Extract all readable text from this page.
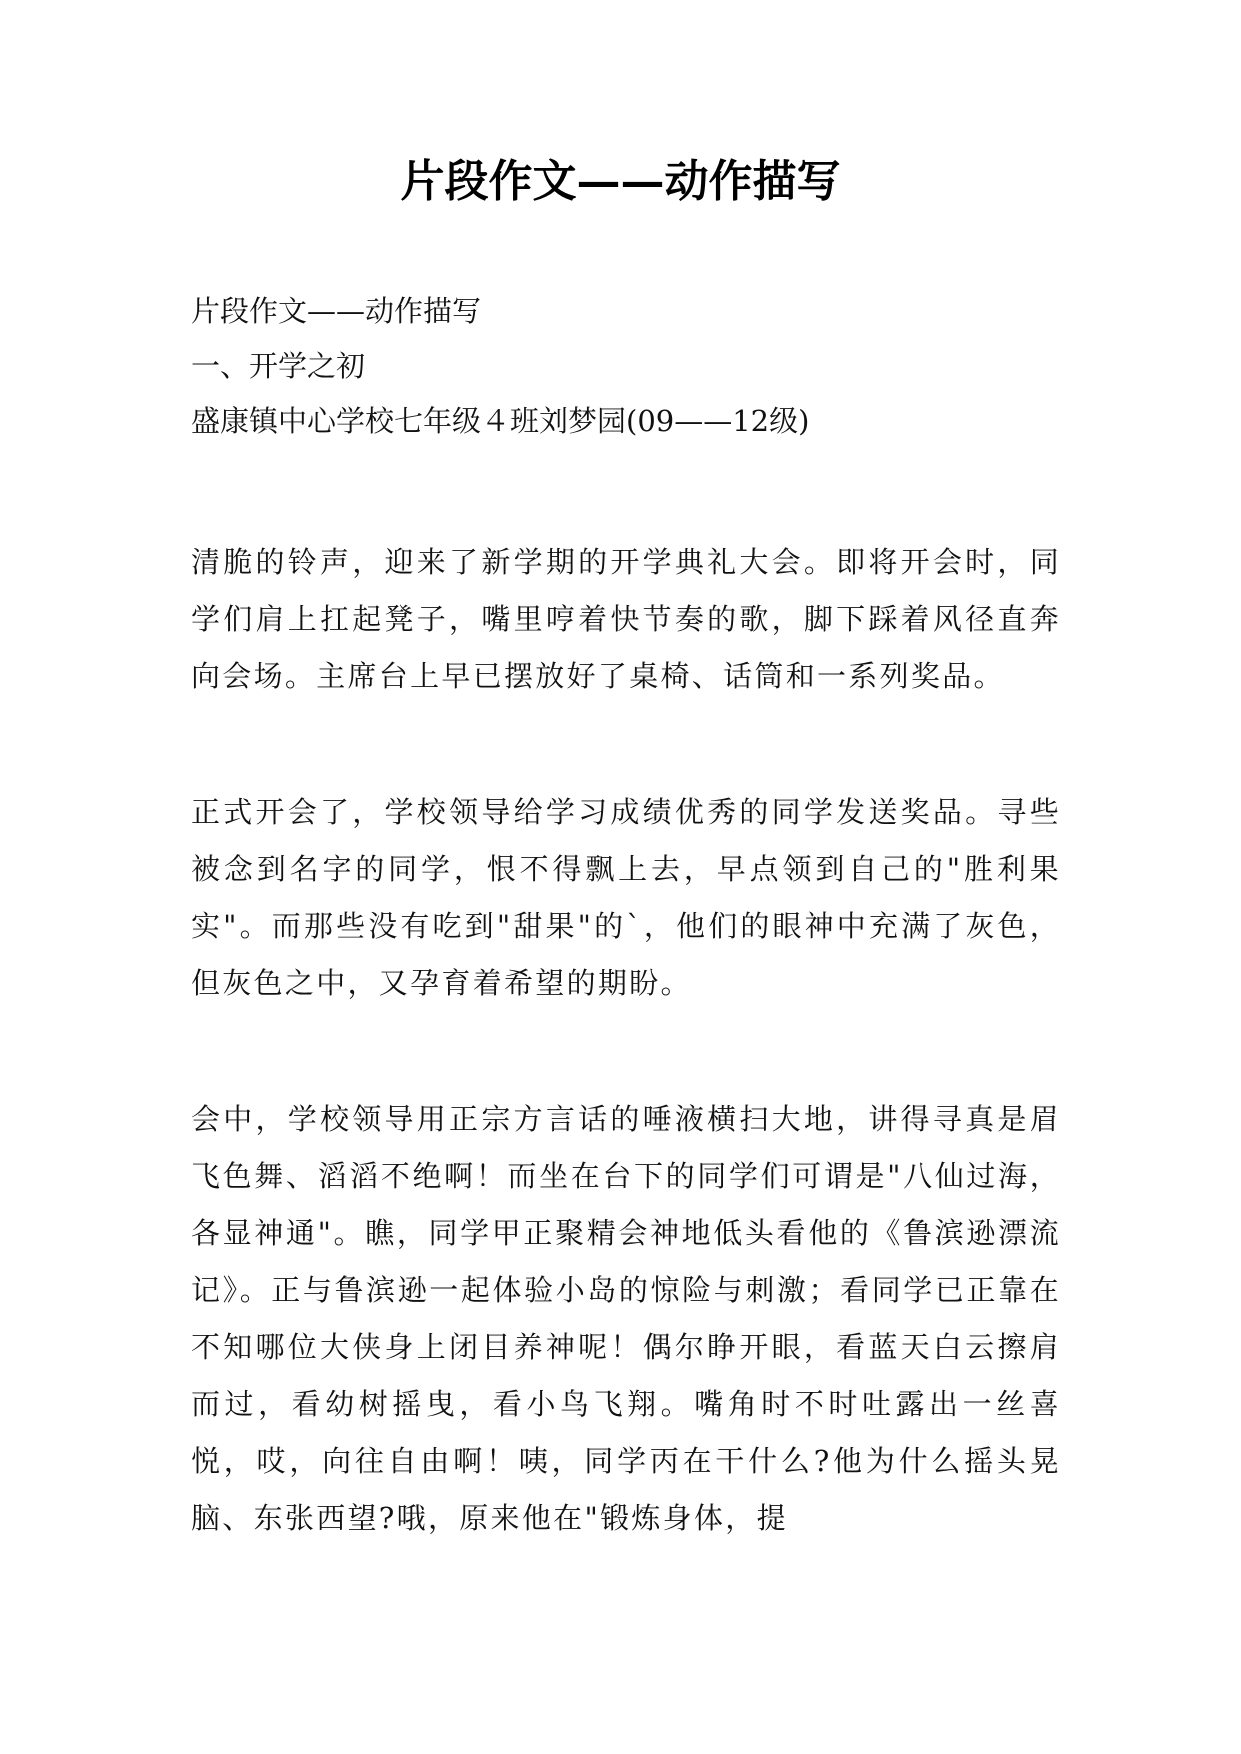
片段作文——动作描写
片段作文——动作描写
一、开学之初
盛康镇中心学校七年级４班刘梦园(09——12级)

清脆的铃声，迎来了新学期的开学典礼大会。即将开会时，同学们肩上扛起凳子，嘴里哼着快节奏的歌，脚下踩着风径直奔向会场。主席台上早已摆放好了桌椅、话筒和一系列奖品。

正式开会了，学校领导给学习成绩优秀的同学发送奖品。寻些被念到名字的同学，恨不得飘上去，早点领到自己的"胜利果实"。而那些没有吃到"甜果"的`，他们的眼神中充满了灰色，但灰色之中，又孕育着希望的期盼。

会中，学校领导用正宗方言话的唾液横扫大地，讲得寻真是眉飞色舞、滔滔不绝啊！而坐在台下的同学们可谓是"八仙过海，各显神通"。瞧，同学甲正聚精会神地低头看他的《鲁滨逊漂流记》。正与鲁滨逊一起体验小岛的惊险与刺激；看同学已正靠在不知哪位大侠身上闭目养神呢！偶尔睁开眼，看蓝天白云擦肩而过，看幼树摇曳，看小鸟飞翔。嘴角时不时吐露出一丝喜悦，哎，向往自由啊！咦，同学丙在干什么?他为什么摇头晃脑、东张西望?哦，原来他在"锻炼身体，提
